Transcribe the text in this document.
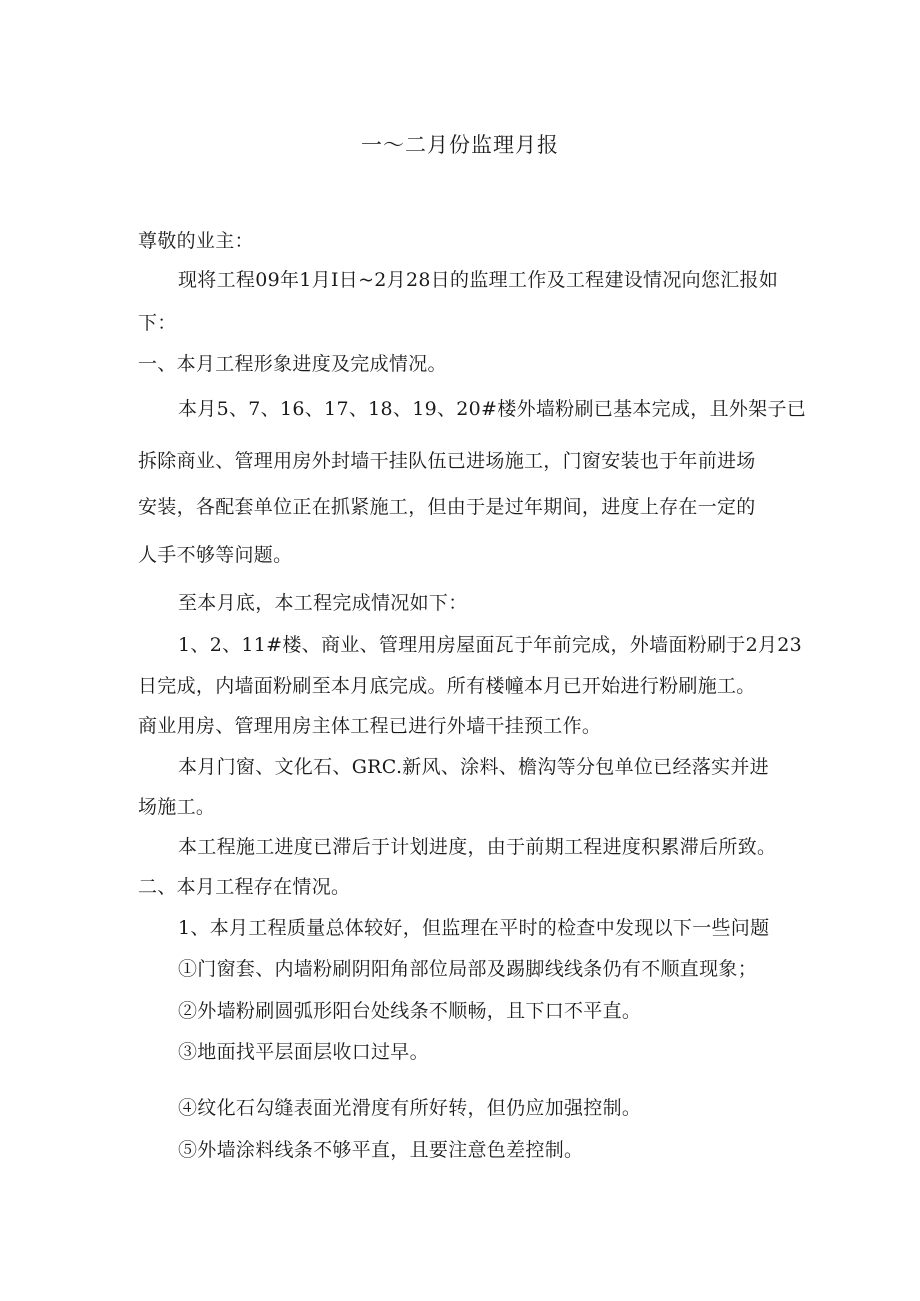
一〜二月份监理月报
尊敬的业主：
现将工程09年1月I日~2月28日的监理工作及工程建设情况向您汇报如
下：
一、本月工程形象进度及完成情况。
本月5、7、16、17、18、19、20#楼外墙粉刷已基本完成，且外架子已
拆除商业、管理用房外封墙干挂队伍已进场施工，门窗安装也于年前进场
安装，各配套单位正在抓紧施工，但由于是过年期间，进度上存在一定的
人手不够等问题。
至本月底，本工程完成情况如下：
1、2、11#楼、商业、管理用房屋面瓦于年前完成，外墙面粉刷于2月23
日完成，内墙面粉刷至本月底完成。所有楼幢本月已开始进行粉刷施工。
商业用房、管理用房主体工程已进行外墙干挂预工作。
本月门窗、文化石、GRC.新风、涂料、檐沟等分包单位已经落实并进
场施工。
本工程施工进度已滞后于计划进度，由于前期工程进度积累滞后所致。
二、本月工程存在情况。
1、本月工程质量总体较好，但监理在平时的检查中发现以下一些问题
①门窗套、内墙粉刷阴阳角部位局部及踢脚线线条仍有不顺直现象；
②外墙粉刷圆弧形阳台处线条不顺畅，且下口不平直。
③地面找平层面层收口过早。
④纹化石勾缝表面光滑度有所好转，但仍应加强控制。
⑤外墙涂料线条不够平直，且要注意色差控制。
